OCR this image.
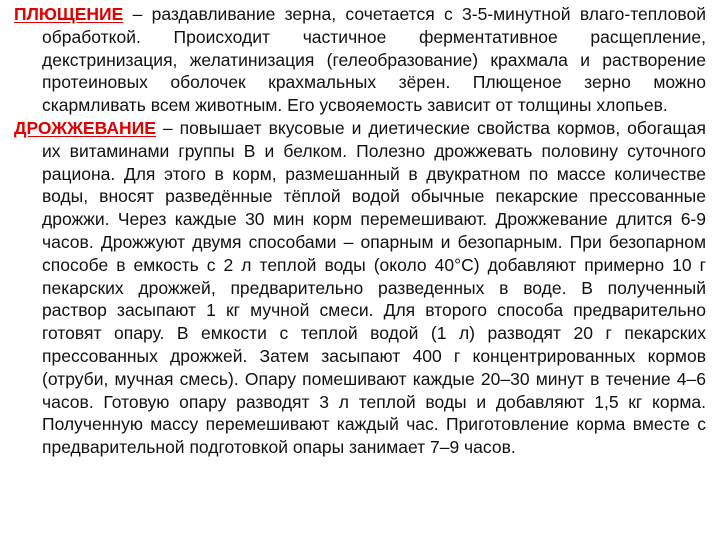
ПЛЮЩЕНИЕ – раздавливание зерна, сочетается с 3-5-минутной влаго-тепловой обработкой. Происходит частичное ферментативное расщепление, декстринизация, желатинизация (гелеобразование) крахмала и растворение протеиновых оболочек крахмальных зёрен. Плющеное зерно можно скармливать всем животным. Его усвояемость зависит от толщины хлопьев.

ДРОЖЖЕВАНИЕ – повышает вкусовые и диетические свойства кормов, обогащая их витаминами группы В и белком. Полезно дрожжевать половину суточного рациона. Для этого в корм, размешанный в двукратном по массе количестве воды, вносят разведённые тёплой водой обычные пекарские прессованные дрожжи. Через каждые 30 мин корм перемешивают. Дрожжевание длится 6-9 часов. Дрожжуют двумя способами – опарным и безопарным. При безопарном способе в емкость с 2 л теплой воды (около 40°С) добавляют примерно 10 г пекарских дрожжей, предварительно разведенных в воде. В полученный раствор засыпают 1 кг мучной смеси. Для второго способа предварительно готовят опару. В емкости с теплой водой (1 л) разводят 20 г пекарских прессованных дрожжей. Затем засыпают 400 г концентрированных кормов (отруби, мучная смесь). Опару помешивают каждые 20–30 минут в течение 4–6 часов. Готовую опару разводят 3 л теплой воды и добавляют 1,5 кг корма. Полученную массу перемешивают каждый час. Приготовление корма вместе с предварительной подготовкой опары занимает 7–9 часов.
